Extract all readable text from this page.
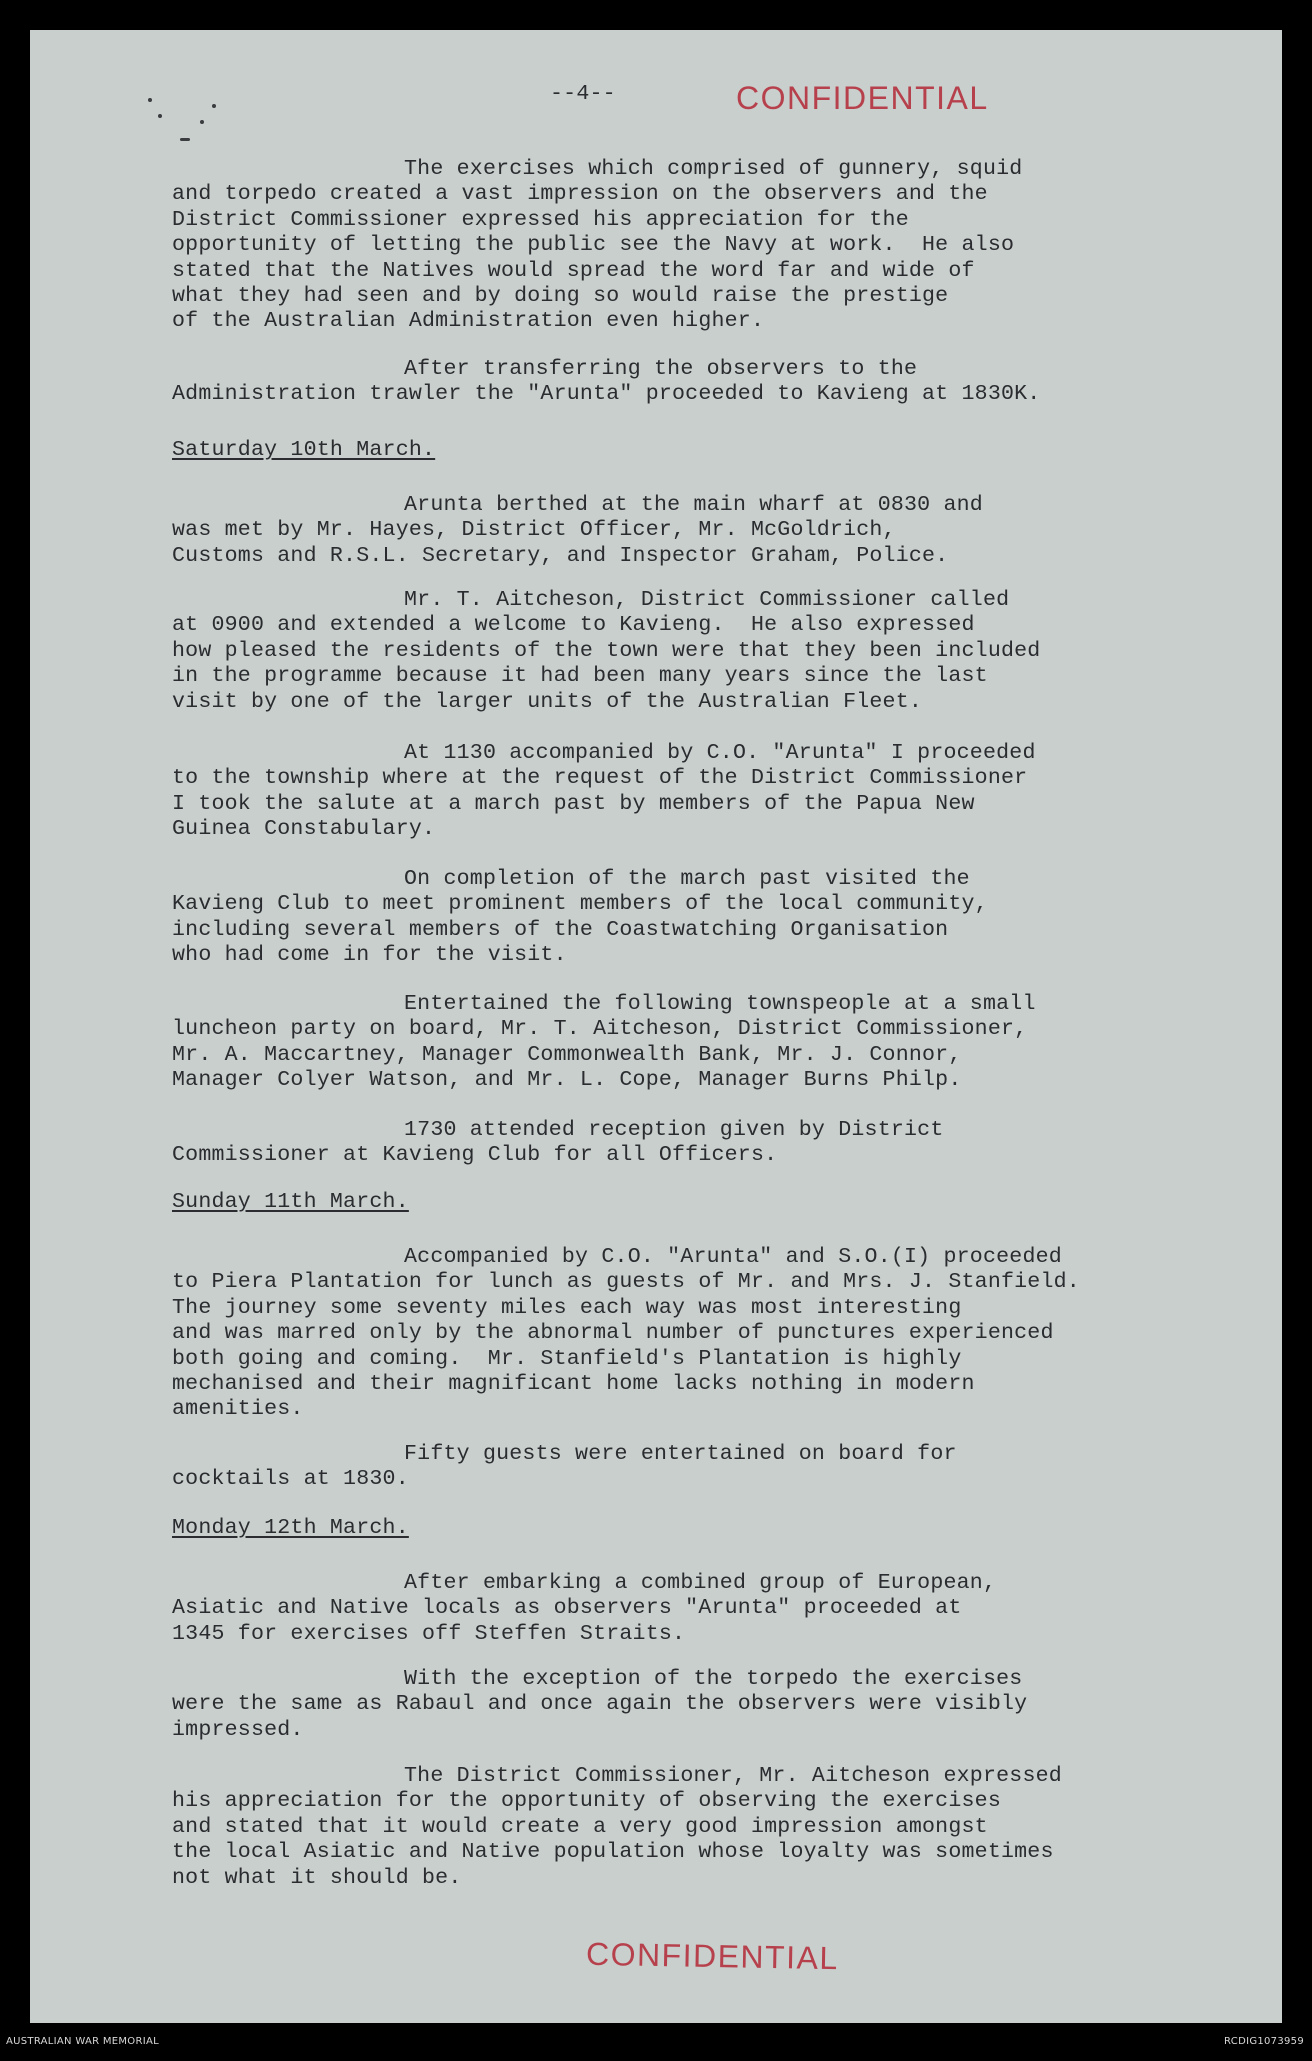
--4--	CONFIDENTIAL
The exercises which comprised of gunnery, squid
and torpedo created a vast impression on the observers and the
District Commissioner expressed his appreciation for the
opportunity of letting the public see the Navy at work.  He also
stated that the Natives would spread the word far and wide of
what they had seen and by doing so would raise the prestige
of the Australian Administration even higher.
After transferring the observers to the
Administration trawler the "Arunta" proceeded to Kavieng at 1830K.
Saturday 10th March.
Arunta berthed at the main wharf at 0830 and
was met by Mr. Hayes, District Officer, Mr. McGoldrich,
Customs and R.S.L. Secretary, and Inspector Graham, Police.
Mr. T. Aitcheson, District Commissioner called
at 0900 and extended a welcome to Kavieng.  He also expressed
how pleased the residents of the town were that they been included
in the programme because it had been many years since the last
visit by one of the larger units of the Australian Fleet.
At 1130 accompanied by C.O. "Arunta" I proceeded
to the township where at the request of the District Commissioner
I took the salute at a march past by members of the Papua New
Guinea Constabulary.
On completion of the march past visited the
Kavieng Club to meet prominent members of the local community,
including several members of the Coastwatching Organisation
who had come in for the visit.
Entertained the following townspeople at a small
luncheon party on board, Mr. T. Aitcheson, District Commissioner,
Mr. A. Maccartney, Manager Commonwealth Bank, Mr. J. Connor,
Manager Colyer Watson, and Mr. L. Cope, Manager Burns Philp.
1730 attended reception given by District
Commissioner at Kavieng Club for all Officers.
Sunday 11th March.
Accompanied by C.O. "Arunta" and S.O.(I) proceeded
to Piera Plantation for lunch as guests of Mr. and Mrs. J. Stanfield.
The journey some seventy miles each way was most interesting
and was marred only by the abnormal number of punctures experienced
both going and coming.  Mr. Stanfield's Plantation is highly
mechanised and their magnificant home lacks nothing in modern
amenities.
Fifty guests were entertained on board for
cocktails at 1830.
Monday 12th March.
After embarking a combined group of European,
Asiatic and Native locals as observers "Arunta" proceeded at
1345 for exercises off Steffen Straits.
With the exception of the torpedo the exercises
were the same as Rabaul and once again the observers were visibly
impressed.
The District Commissioner, Mr. Aitcheson expressed
his appreciation for the opportunity of observing the exercises
and stated that it would create a very good impression amongst
the local Asiatic and Native population whose loyalty was sometimes
not what it should be.
CONFIDENTIAL
AUSTRALIAN WAR MEMORIAL	RCDIG1073959
